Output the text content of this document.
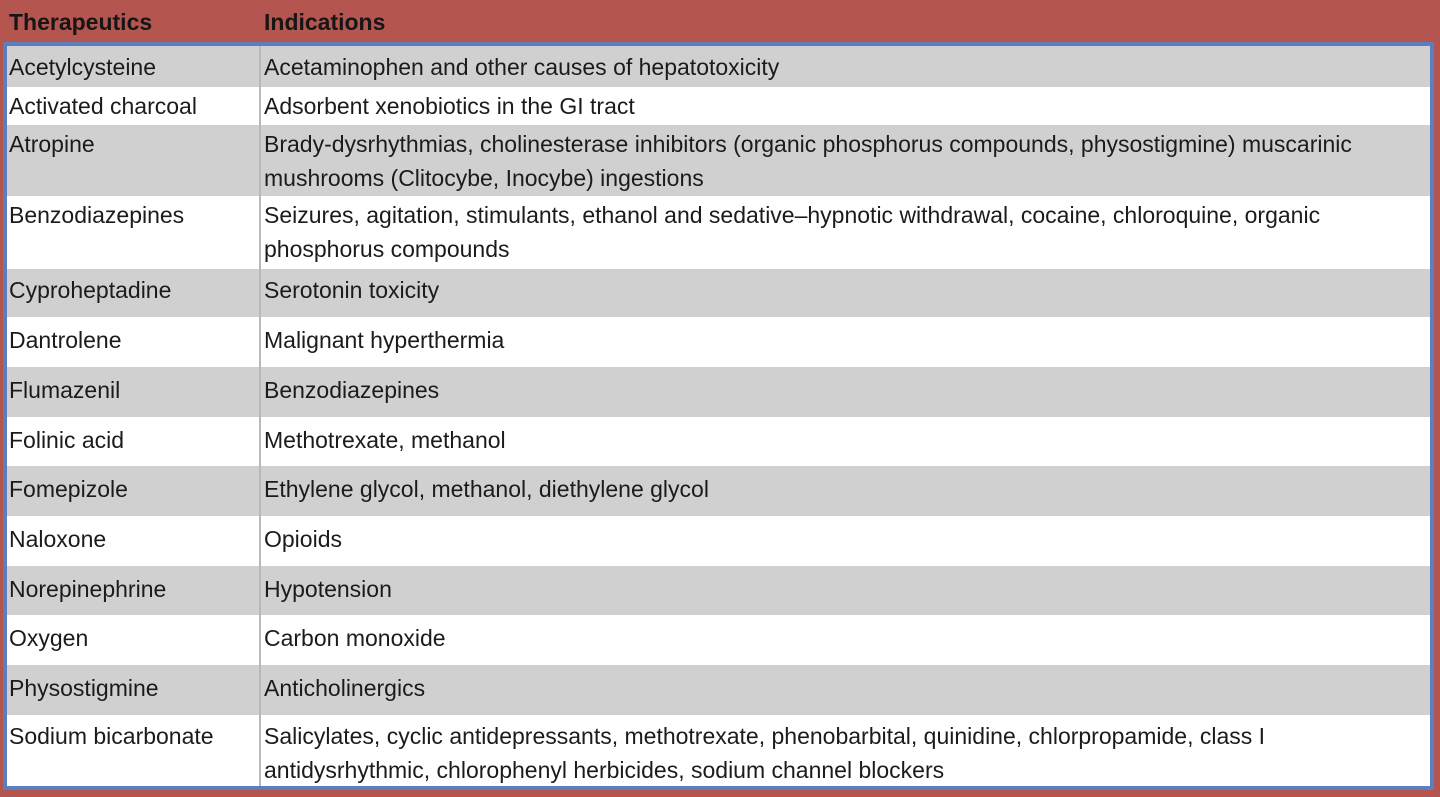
Therapeutics	Indications
Acetylcysteine	Acetaminophen and other causes of hepatotoxicity
Activated charcoal	Adsorbent xenobiotics in the GI tract
Atropine	Brady-dysrhythmias, cholinesterase inhibitors (organic phosphorus compounds, physostigmine) muscarinic mushrooms (Clitocybe, Inocybe) ingestions
Benzodiazepines	Seizures, agitation, stimulants, ethanol and sedative–hypnotic withdrawal, cocaine, chloroquine, organic phosphorus compounds
Cyproheptadine	Serotonin toxicity
Dantrolene	Malignant hyperthermia
Flumazenil	Benzodiazepines
Folinic acid	Methotrexate, methanol
Fomepizole	Ethylene glycol, methanol, diethylene glycol
Naloxone	Opioids
Norepinephrine	Hypotension
Oxygen	Carbon monoxide
Physostigmine	Anticholinergics
Sodium bicarbonate	Salicylates, cyclic antidepressants, methotrexate, phenobarbital, quinidine, chlorpropamide, class I antidysrhythmic, chlorophenyl herbicides, sodium channel blockers
